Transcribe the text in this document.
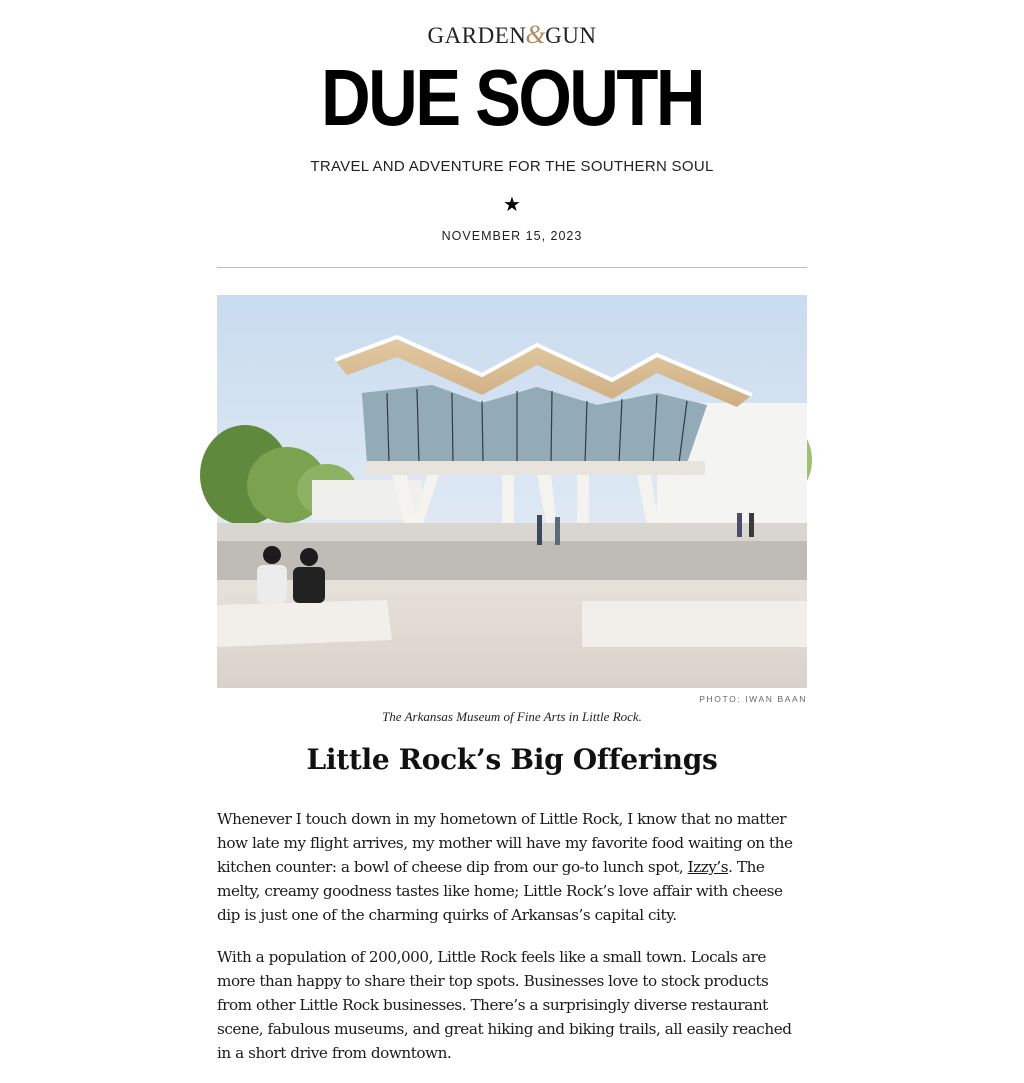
GARDEN&GUN
DUE SOUTH
TRAVEL AND ADVENTURE FOR THE SOUTHERN SOUL
★
NOVEMBER 15, 2023
PHOTO: IWAN BAAN
The Arkansas Museum of Fine Arts in Little Rock.
Little Rock’s Big Offerings

Whenever I touch down in my hometown of Little Rock, I know that no matter how late my flight arrives, my mother will have my favorite food waiting on the kitchen counter: a bowl of cheese dip from our go-to lunch spot, Izzy’s. The melty, creamy goodness tastes like home; Little Rock’s love affair with cheese dip is just one of the charming quirks of Arkansas’s capital city.

With a population of 200,000, Little Rock feels like a small town. Locals are more than happy to share their top spots. Businesses love to stock products from other Little Rock businesses. There’s a surprisingly diverse restaurant scene, fabulous museums, and great hiking and biking trails, all easily reached in a short drive from downtown.
